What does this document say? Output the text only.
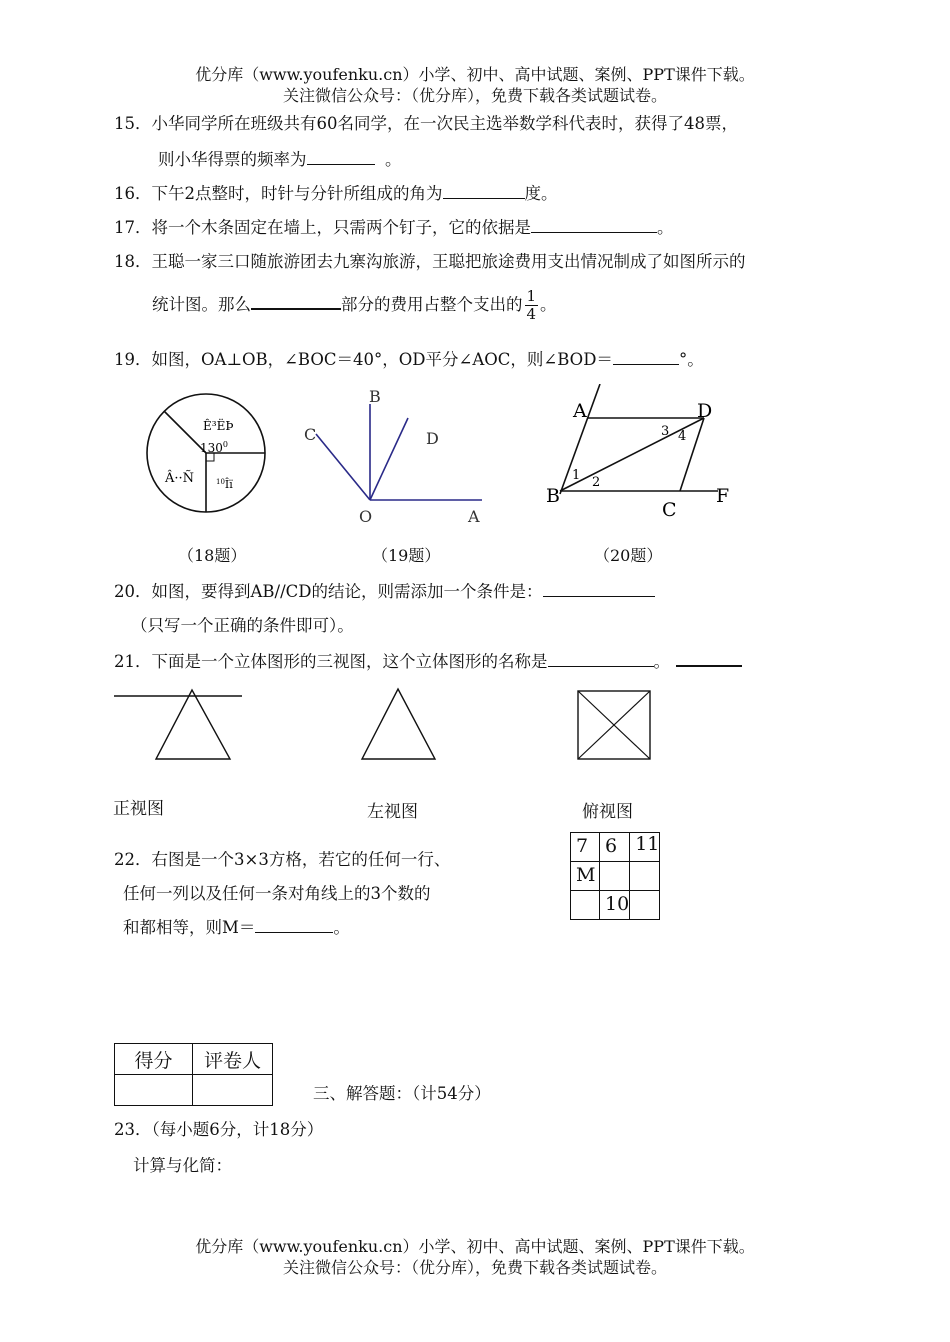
优分库（www.youfenku.cn）小学、初中、高中试题、案例、PPT课件下载。
关注微信公众号：（优分库），免费下载各类试题试卷。
15．小华同学所在班级共有60名同学，在一次民主选举数学科代表时，获得了48票，
则小华得票的频率为	。
16．下午2点整时，时针与分针所组成的角为	度。
17．将一个木条固定在墙上，只需两个钉子，它的依据是	。
18．王聪一家三口随旅游团去九寨沟旅游，王聪把旅途费用支出情况制成了如图所示的
统计图。那么	部分的费用占整个支出的 $\frac{1}{4}$ 。
19．如图，OA⊥OB，∠BOC＝40°，OD平分∠AOC，则∠BOD＝	°。
Ê³ËÞ
$130^0$
Â··Ñ	$^{10}$Îï
（18题）
B
C	D
O	A
（19题）
A	D
B
C
F
1 2
3 4
（20题）
20．如图，要得到AB//CD的结论，则需添加一个条件是：
（只写一个正确的条件即可）。
21．下面是一个立体图形的三视图，这个立体图形的名称是	。
正视图	左视图	俯视图
22．右图是一个3×3方格，若它的任何一行、
任何一列以及任何一条对角线上的3个数的
和都相等，则M＝	。
7	6	11
M		
	10	
得分	评卷人

三、解答题：（计54分）
23．（每小题6分，计18分）
计算与化简：
优分库（www.youfenku.cn）小学、初中、高中试题、案例、PPT课件下载。
关注微信公众号：（优分库），免费下载各类试题试卷。
